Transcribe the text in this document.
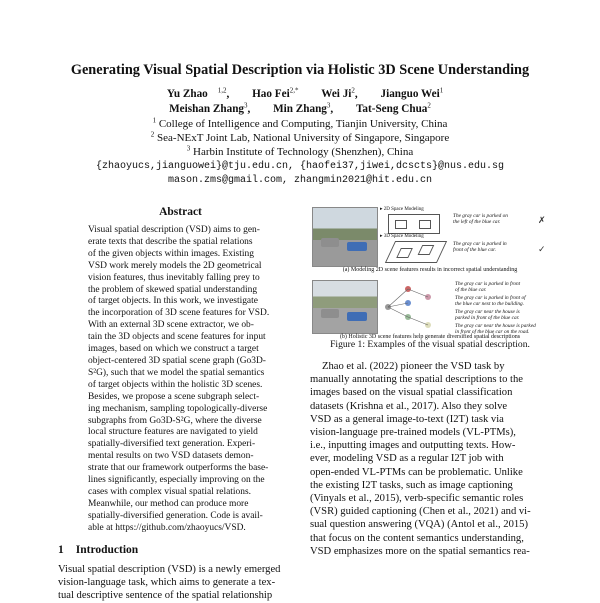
Generating Visual Spatial Description via Holistic 3D Scene Understanding
Yu Zhao $^{1,2}$, Hao Fei$^{2,*}$ Wei Ji$^2$, Jianguo Wei$^1$
Meishan Zhang$^3$, Min Zhang$^3$, Tat-Seng Chua$^2$
$^1$ College of Intelligence and Computing, Tianjin University, China
$^2$ Sea-NExT Joint Lab, National University of Singapore, Singapore
$^3$ Harbin Institute of Technology (Shenzhen), China
{zhaoyucs,jianguowei}@tju.edu.cn, {haofei37,jiwei,dcscts}@nus.edu.sg
mason.zms@gmail.com, zhangmin2021@hit.edu.cn
Abstract
Visual spatial description (VSD) aims to gen-
erate texts that describe the spatial relations
of the given objects within images. Existing
VSD work merely models the 2D geometrical
vision features, thus inevitably falling prey to
the problem of skewed spatial understanding
of target objects. In this work, we investigate
the incorporation of 3D scene features for VSD.
With an external 3D scene extractor, we ob-
tain the 3D objects and scene features for input
images, based on which we construct a target
object-centered 3D spatial scene graph (Go3D-
S²G), such that we model the spatial semantics
of target objects within the holistic 3D scenes.
Besides, we propose a scene subgraph select-
ing mechanism, sampling topologically-diverse
subgraphs from Go3D-S²G, where the diverse
local structure features are navigated to yield
spatially-diversified text generation. Experi-
mental results on two VSD datasets demon-
strate that our framework outperforms the base-
lines significantly, especially improving on the
cases with complex visual spatial relations.
Meanwhile, our method can produce more
spatially-diversified generation. Code is avail-
able at https://github.com/zhaoyucs/VSD.
1 Introduction
Visual spatial description (VSD) is a newly emerged
vision-language task, which aims to generate a tex-
tual descriptive sentence of the spatial relationship
▸ 2D Space Modeling
The gray car is parked on
the left of the blue car.	✗
▸ 3D Space Modeling
The gray car is parked in
front of the blue car.	✓
(a) Modeling 2D scene features results in incorrect spatial understanding
The gray car is parked in front
of the blue car.
The gray car is parked in front of
the blue car next to the building.
The gray car near the house is
parked in front of the blue car.
The gray car near the house is parked
in front of the blue car on the road.
(b) Holistic 3D scene features help generate diversified spatial descriptions
Figure 1: Examples of the visual spatial description.
Zhao et al. (2022) pioneer the VSD task by
manually annotating the spatial descriptions to the
images based on the visual spatial classification
datasets (Krishna et al., 2017). Also they solve
VSD as a general image-to-text (I2T) task via
vision-language pre-trained models (VL-PTMs),
i.e., inputting images and outputting texts. How-
ever, modeling VSD as a regular I2T job with
open-ended VL-PTMs can be problematic. Unlike
the existing I2T tasks, such as image captioning
(Vinyals et al., 2015), verb-specific semantic roles
(VSR) guided captioning (Chen et al., 2021) and vi-
sual question answering (VQA) (Antol et al., 2015)
that focus on the content semantics understanding,
VSD emphasizes more on the spatial semantics rea-
